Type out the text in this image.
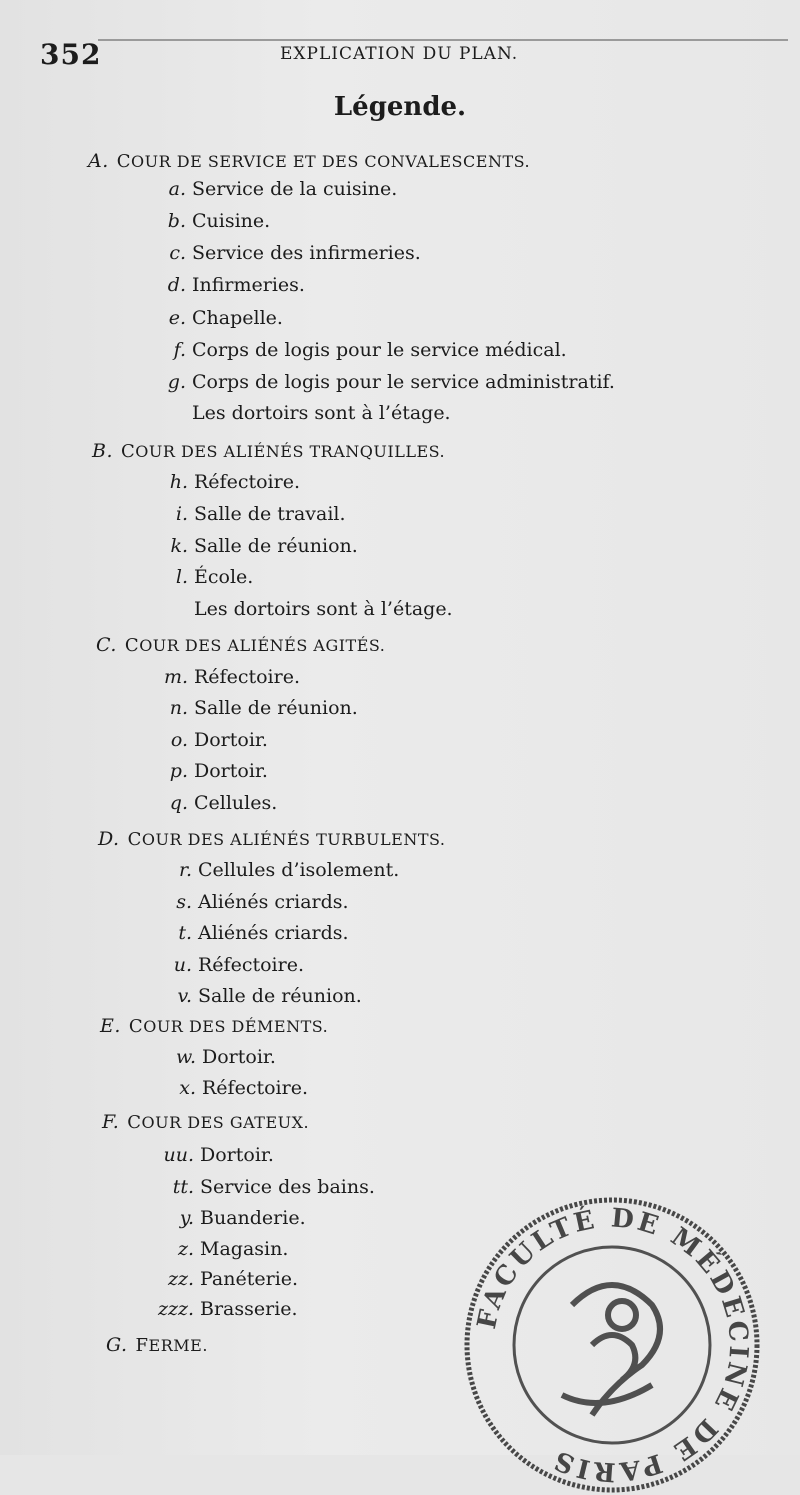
352	EXPLICATION DU PLAN.
Légende.
A. COUR DE SERVICE ET DES CONVALESCENTS.
a. Service de la cuisine.
b. Cuisine.
c. Service des infirmeries.
d. Infirmeries.
e. Chapelle.
f. Corps de logis pour le service médical.
g. Corps de logis pour le service administratif.
Les dortoirs sont à l’étage.
B. COUR DES ALIÉNÉS TRANQUILLES.
h. Réfectoire.
i. Salle de travail.
k. Salle de réunion.
l. École.
Les dortoirs sont à l’étage.
C. COUR DES ALIÉNÉS AGITÉS.
m. Réfectoire.
n. Salle de réunion.
o. Dortoir.
p. Dortoir.
q. Cellules.
D. COUR DES ALIÉNÉS TURBULENTS.
r. Cellules d’isolement.
s. Aliénés criards.
t. Aliénés criards.
u. Réfectoire.
v. Salle de réunion.
E. COUR DES DÉMENTS.
w. Dortoir.
x. Réfectoire.
F. COUR DES GATEUX.
uu. Dortoir.
tt. Service des bains.
y. Buanderie.
z. Magasin.
zz. Panéterie.
zzz. Brasserie.
G. FERME.
FACULTÉ DE MÉDECINE DE PARIS
